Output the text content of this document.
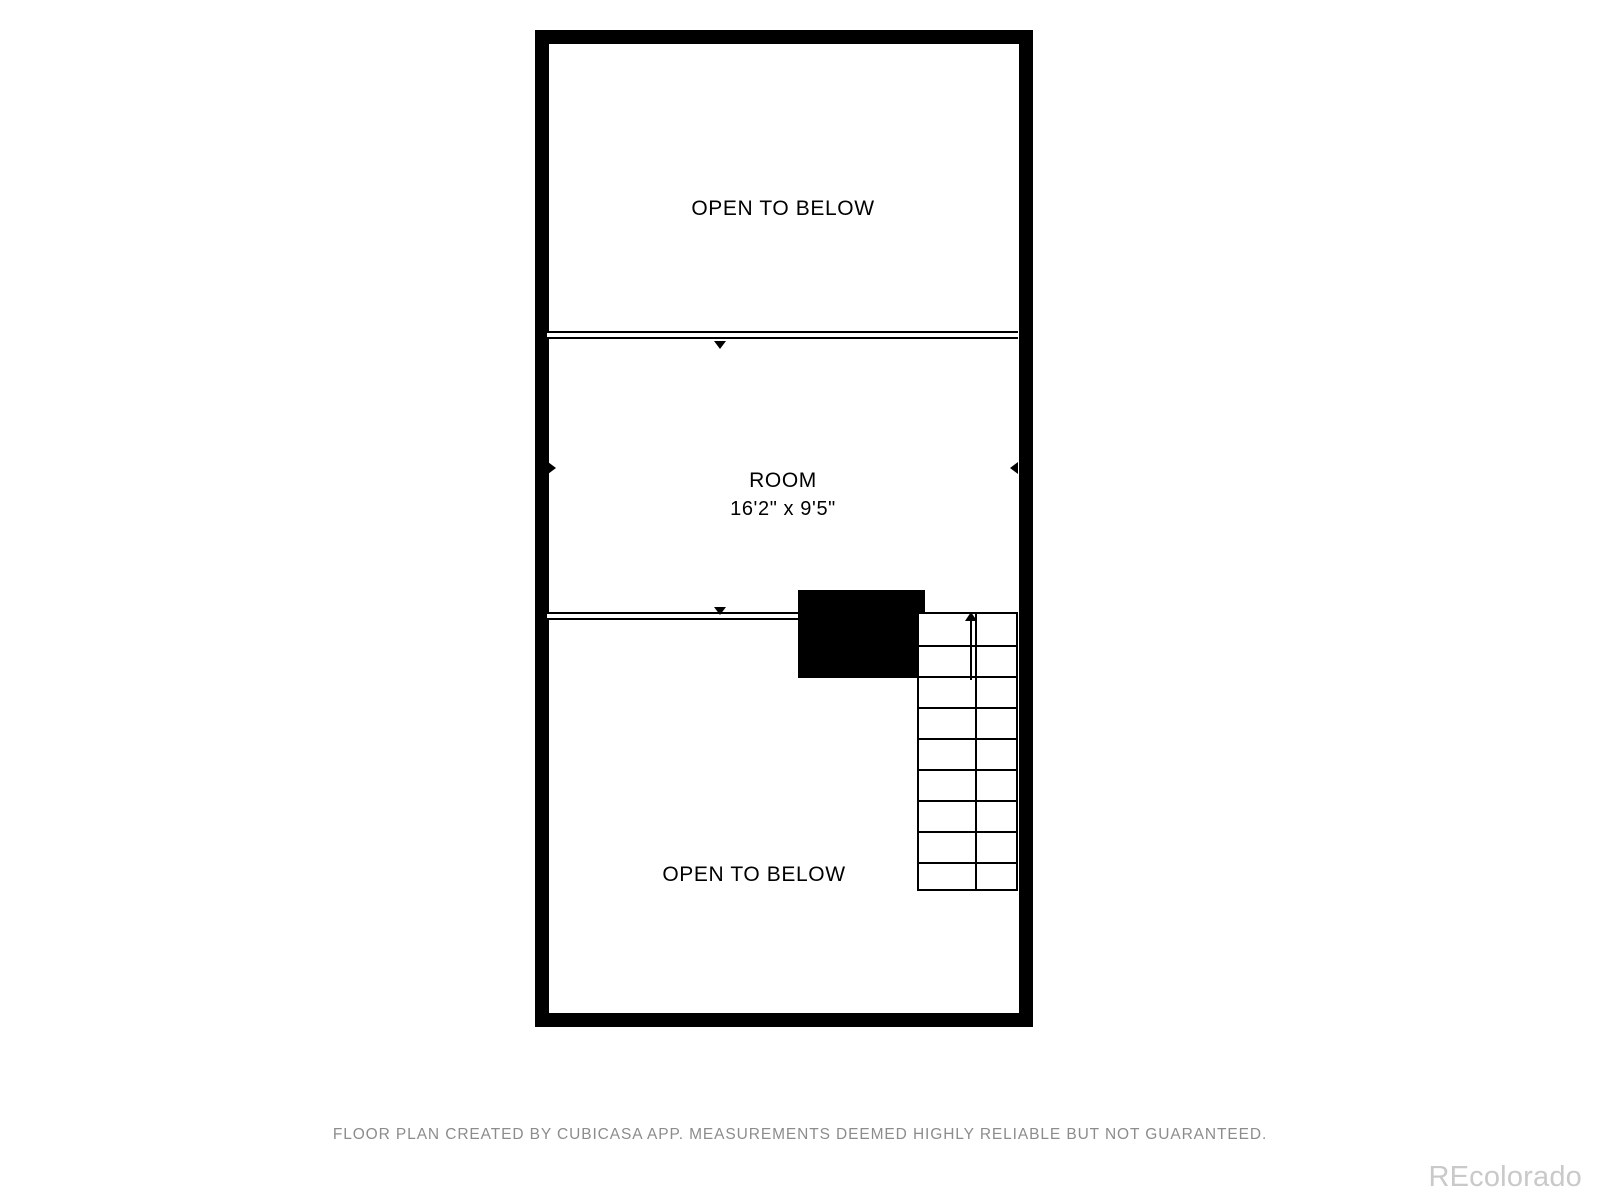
OPEN TO BELOW
ROOM
16'2" x 9'5"
OPEN TO BELOW
FLOOR PLAN CREATED BY CUBICASA APP. MEASUREMENTS DEEMED HIGHLY RELIABLE BUT NOT GUARANTEED.
REcolorado
